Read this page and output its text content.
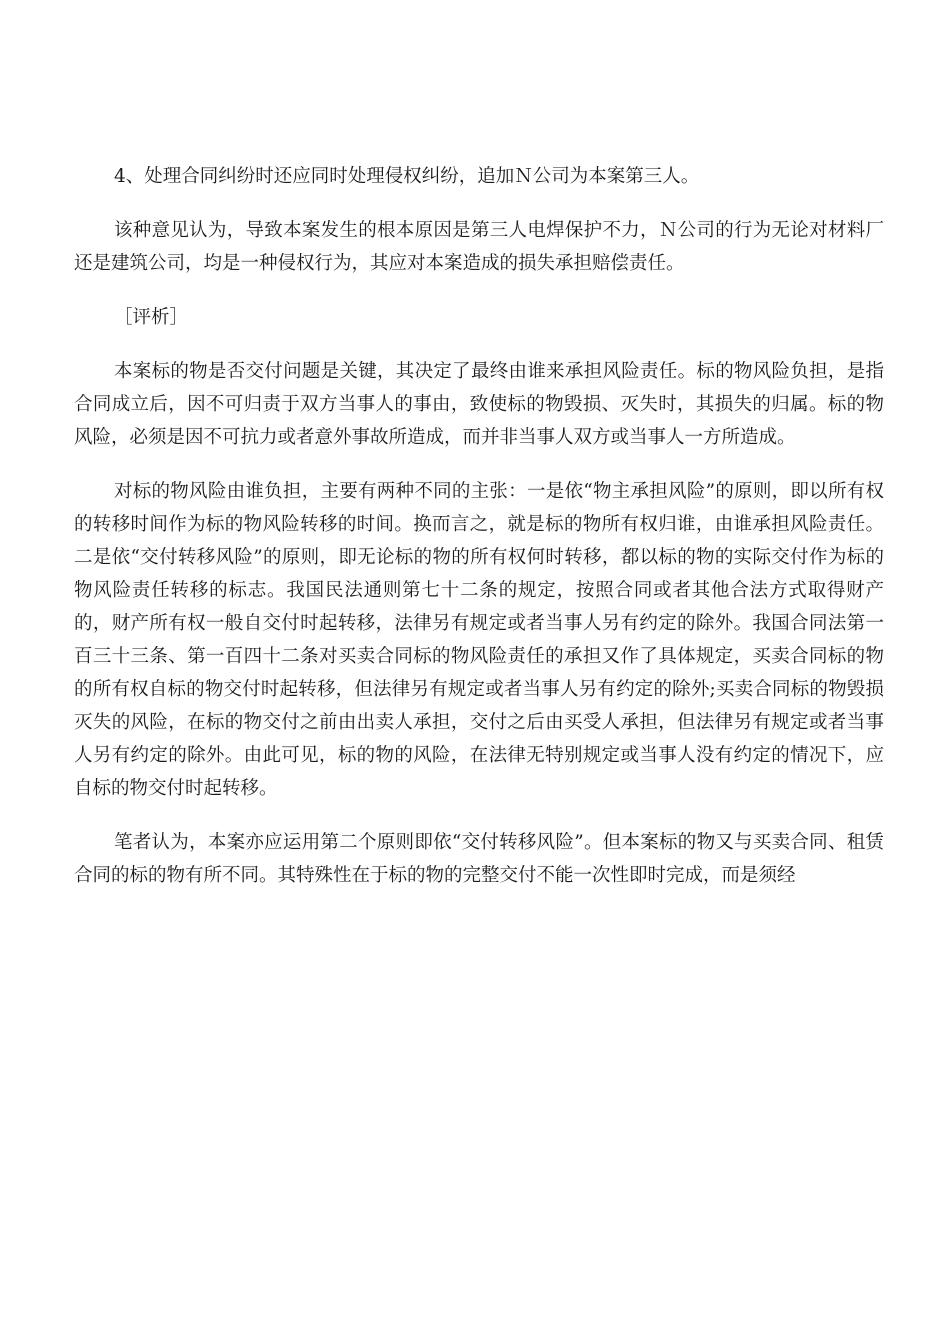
4、处理合同纠纷时还应同时处理侵权纠纷，追加Ｎ公司为本案第三人。

该种意见认为，导致本案发生的根本原因是第三人电焊保护不力，Ｎ公司的行为无论对材料厂还是建筑公司，均是一种侵权行为，其应对本案造成的损失承担赔偿责任。

［评析］

本案标的物是否交付问题是关键，其决定了最终由谁来承担风险责任。标的物风险负担，是指合同成立后，因不可归责于双方当事人的事由，致使标的物毁损、灭失时，其损失的归属。标的物风险，必须是因不可抗力或者意外事故所造成，而并非当事人双方或当事人一方所造成。

对标的物风险由谁负担，主要有两种不同的主张：一是依“物主承担风险”的原则，即以所有权的转移时间作为标的物风险转移的时间。换而言之，就是标的物所有权归谁，由谁承担风险责任。二是依“交付转移风险”的原则，即无论标的物的所有权何时转移，都以标的物的实际交付作为标的物风险责任转移的标志。我国民法通则第七十二条的规定，按照合同或者其他合法方式取得财产的，财产所有权一般自交付时起转移，法律另有规定或者当事人另有约定的除外。我国合同法第一百三十三条、第一百四十二条对买卖合同标的物风险责任的承担又作了具体规定，买卖合同标的物的所有权自标的物交付时起转移，但法律另有规定或者当事人另有约定的除外;买卖合同标的物毁损灭失的风险，在标的物交付之前由出卖人承担，交付之后由买受人承担，但法律另有规定或者当事人另有约定的除外。由此可见，标的物的风险，在法律无特别规定或当事人没有约定的情况下，应自标的物交付时起转移。

笔者认为，本案亦应运用第二个原则即依“交付转移风险”。但本案标的物又与买卖合同、租赁合同的标的物有所不同。其特殊性在于标的物的完整交付不能一次性即时完成，而是须经
